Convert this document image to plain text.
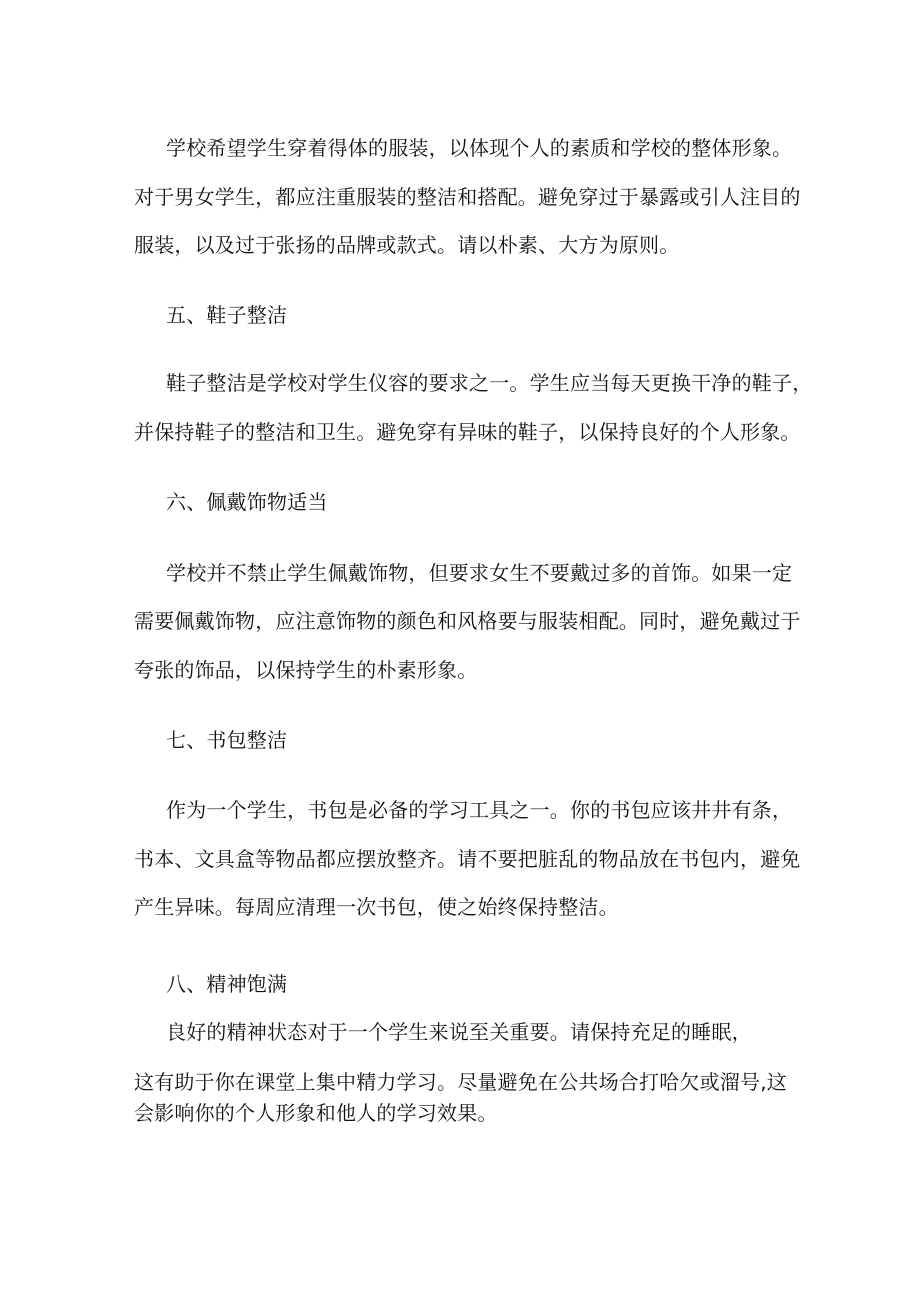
学校希望学生穿着得体的服装，以体现个人的素质和学校的整体形象。
对于男女学生，都应注重服装的整洁和搭配。避免穿过于暴露或引人注目的
服装，以及过于张扬的品牌或款式。请以朴素、大方为原则。
五、鞋子整洁
鞋子整洁是学校对学生仪容的要求之一。学生应当每天更换干净的鞋子，
并保持鞋子的整洁和卫生。避免穿有异味的鞋子，以保持良好的个人形象。
六、佩戴饰物适当
学校并不禁止学生佩戴饰物，但要求女生不要戴过多的首饰。如果一定
需要佩戴饰物，应注意饰物的颜色和风格要与服装相配。同时，避免戴过于
夸张的饰品，以保持学生的朴素形象。
七、书包整洁
作为一个学生，书包是必备的学习工具之一。你的书包应该井井有条，
书本、文具盒等物品都应摆放整齐。请不要把脏乱的物品放在书包内，避免
产生异味。每周应清理一次书包，使之始终保持整洁。
八、精神饱满
良好的精神状态对于一个学生来说至关重要。请保持充足的睡眠，
这有助于你在课堂上集中精力学习。尽量避免在公共场合打哈欠或溜号,这
会影响你的个人形象和他人的学习效果。
